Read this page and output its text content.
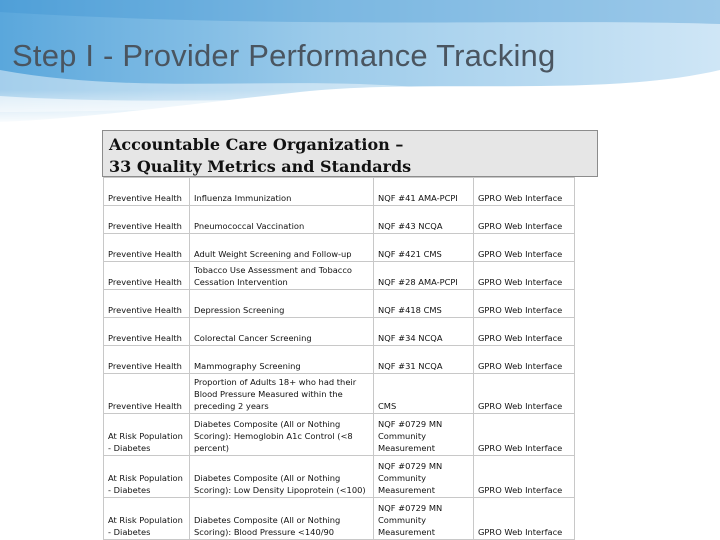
Step I - Provider Performance Tracking
Accountable Care Organization –
33 Quality Metrics and Standards
Preventive Health	Influenza Immunization	NQF #41 AMA-PCPI	GPRO Web Interface
Preventive Health	Pneumococcal Vaccination	NQF #43 NCQA	GPRO Web Interface
Preventive Health	Adult Weight Screening and Follow-up	NQF #421 CMS	GPRO Web Interface
Preventive Health	Tobacco Use Assessment and Tobacco Cessation Intervention	NQF #28 AMA-PCPI	GPRO Web Interface
Preventive Health	Depression Screening	NQF #418 CMS	GPRO Web Interface
Preventive Health	Colorectal Cancer Screening	NQF #34 NCQA	GPRO Web Interface
Preventive Health	Mammography Screening	NQF #31 NCQA	GPRO Web Interface
Preventive Health	Proportion of Adults 18+ who had their Blood Pressure Measured within the preceding 2 years	CMS	GPRO Web Interface
At Risk Population - Diabetes	Diabetes Composite (All or Nothing Scoring): Hemoglobin A1c Control (<8 percent)	NQF #0729 MN Community Measurement	GPRO Web Interface
At Risk Population - Diabetes	Diabetes Composite (All or Nothing Scoring): Low Density Lipoprotein (<100)	NQF #0729 MN Community Measurement	GPRO Web Interface
At Risk Population - Diabetes	Diabetes Composite (All or Nothing Scoring): Blood Pressure <140/90	NQF #0729 MN Community Measurement	GPRO Web Interface
